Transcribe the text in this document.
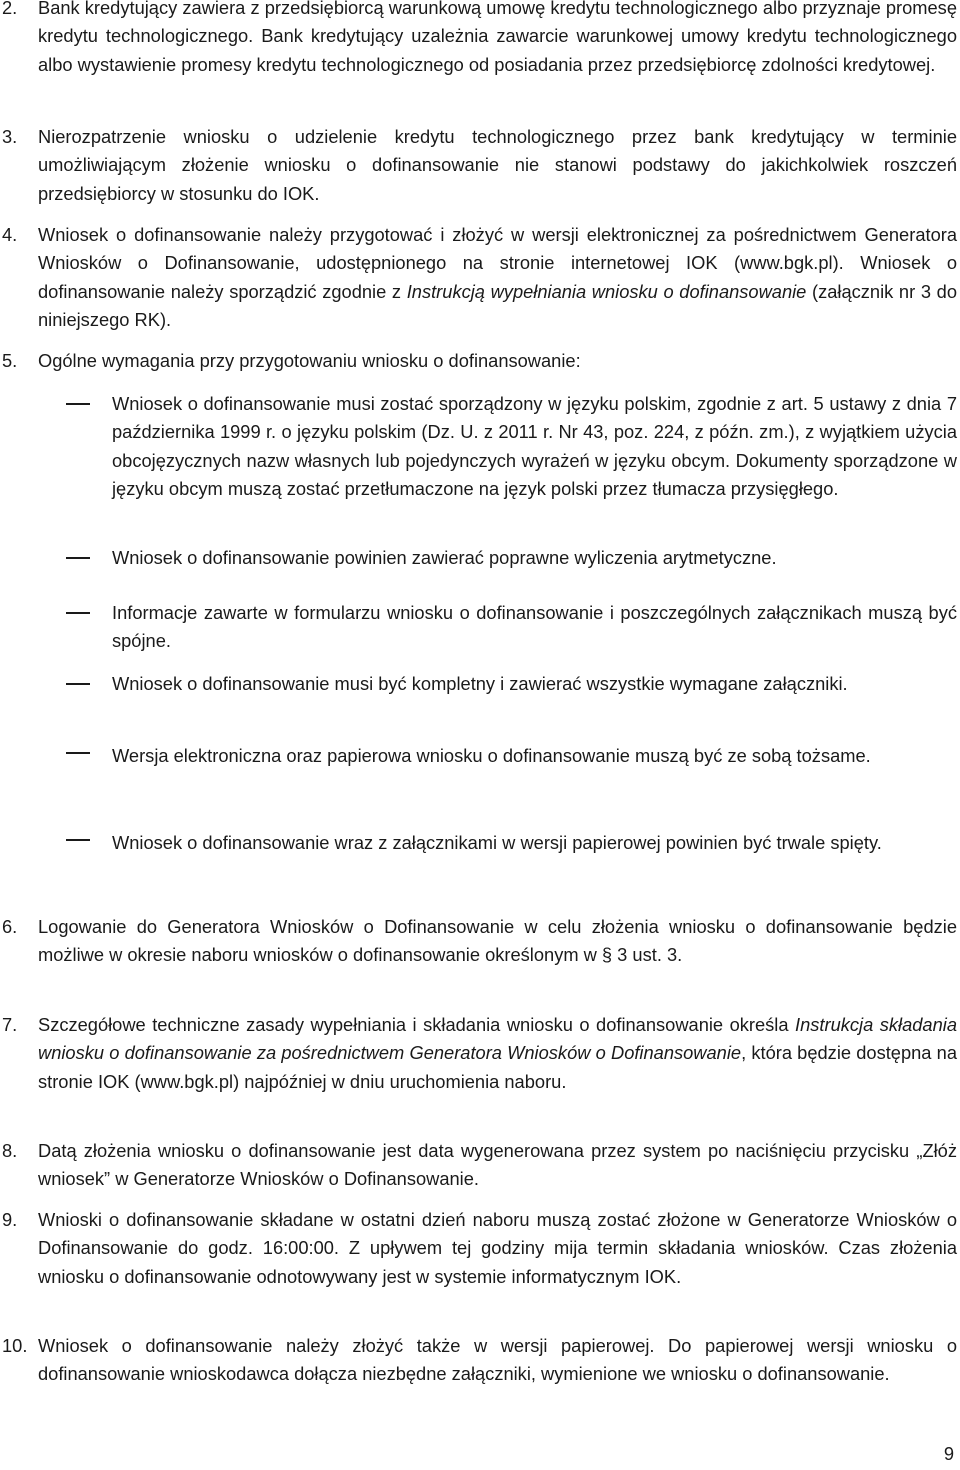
2. Bank kredytujący zawiera z przedsiębiorcą warunkową umowę kredytu technologicznego albo przyznaje promesę kredytu technologicznego. Bank kredytujący uzależnia zawarcie warunkowej umowy kredytu technologicznego albo wystawienie promesy kredytu technologicznego od posiadania przez przedsiębiorcę zdolności kredytowej.
3. Nierozpatrzenie wniosku o udzielenie kredytu technologicznego przez bank kredytujący w terminie umożliwiającym złożenie wniosku o dofinansowanie nie stanowi podstawy do jakichkolwiek roszczeń przedsiębiorcy w stosunku do IOK.
4. Wniosek o dofinansowanie należy przygotować i złożyć w wersji elektronicznej za pośrednictwem Generatora Wniosków o Dofinansowanie, udostępnionego na stronie internetowej IOK (www.bgk.pl). Wniosek o dofinansowanie należy sporządzić zgodnie z Instrukcją wypełniania wniosku o dofinansowanie (załącznik nr 3 do niniejszego RK).
5. Ogólne wymagania przy przygotowaniu wniosku o dofinansowanie:
Wniosek o dofinansowanie musi zostać sporządzony w języku polskim, zgodnie z art. 5 ustawy z dnia 7 października 1999 r. o języku polskim (Dz. U. z 2011 r. Nr 43, poz. 224, z późn. zm.), z wyjątkiem użycia obcojęzycznych nazw własnych lub pojedynczych wyrażeń w języku obcym. Dokumenty sporządzone w języku obcym muszą zostać przetłumaczone na język polski przez tłumacza przysięgłego.
Wniosek o dofinansowanie powinien zawierać poprawne wyliczenia arytmetyczne.
Informacje zawarte w formularzu wniosku o dofinansowanie i poszczególnych załącznikach muszą być spójne.
Wniosek o dofinansowanie musi być kompletny i zawierać wszystkie wymagane załączniki.
Wersja elektroniczna oraz papierowa wniosku o dofinansowanie muszą być ze sobą tożsame.
Wniosek o dofinansowanie wraz z załącznikami w wersji papierowej powinien być trwale spięty.
6. Logowanie do Generatora Wniosków o Dofinansowanie w celu złożenia wniosku o dofinansowanie będzie możliwe w okresie naboru wniosków o dofinansowanie określonym w § 3 ust. 3.
7. Szczegółowe techniczne zasady wypełniania i składania wniosku o dofinansowanie określa Instrukcja składania wniosku o dofinansowanie za pośrednictwem Generatora Wniosków o Dofinansowanie, która będzie dostępna na stronie IOK (www.bgk.pl) najpóźniej w dniu uruchomienia naboru.
8. Datą złożenia wniosku o dofinansowanie jest data wygenerowana przez system po naciśnięciu przycisku „Złóż wniosek” w Generatorze Wniosków o Dofinansowanie.
9. Wnioski o dofinansowanie składane w ostatni dzień naboru muszą zostać złożone w Generatorze Wniosków o Dofinansowanie do godz. 16:00:00. Z upływem tej godziny mija termin składania wniosków. Czas złożenia wniosku o dofinansowanie odnotowywany jest w systemie informatycznym IOK.
10. Wniosek o dofinansowanie należy złożyć także w wersji papierowej. Do papierowej wersji wniosku o dofinansowanie wnioskodawca dołącza niezbędne załączniki, wymienione we wniosku o dofinansowanie.
9
